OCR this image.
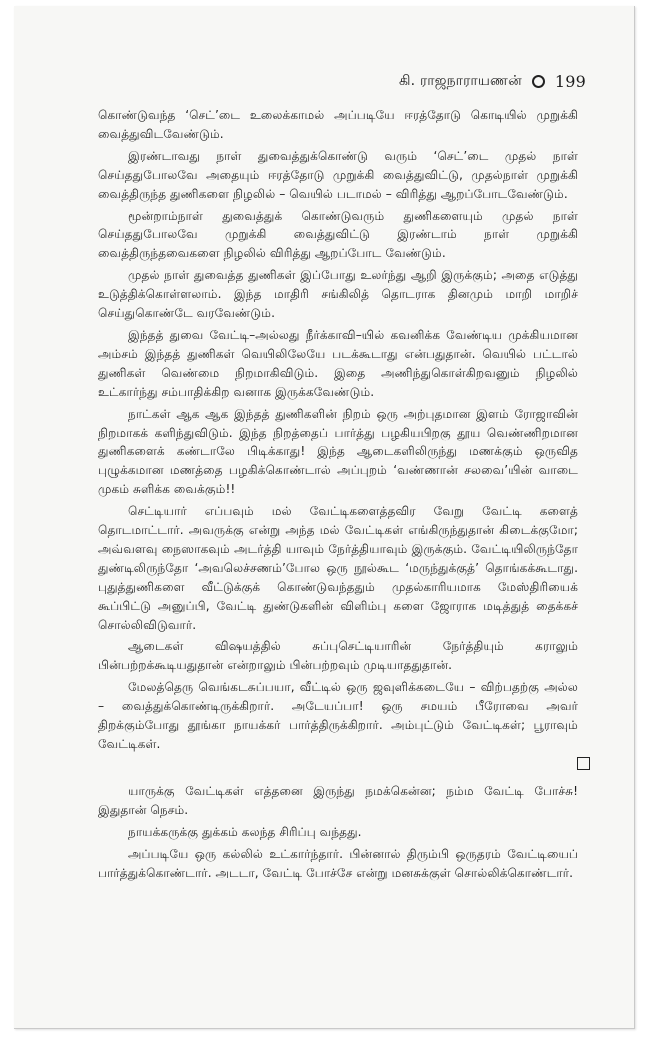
கி. ராஜநாராயணன் 199

கொண்டுவந்த ‘செட்’டை உலைக்காமல் அப்படியே ஈரத்தோடு கொடியில் முறுக்கி வைத்துவிடவேண்டும்.

இரண்டாவது நாள் துவைத்துக்கொண்டு வரும் ‘செட்’டை முதல் நாள் செய்ததுபோலவே அதையும் ஈரத்தோடு முறுக்கி வைத்துவிட்டு, முதல்நாள் முறுக்கி வைத்திருந்த துணிகளை நிழலில் – வெயில் படாமல் – விரித்து ஆறப்போடவேண்டும்.

மூன்றாம்நாள் துவைத்துக் கொண்டுவரும் துணிகளையும் முதல் நாள் செய்ததுபோலவே முறுக்கி வைத்துவிட்டு இரண்டாம் நாள் முறுக்கி வைத்திருந்தவைகளை நிழலில் விரித்து ஆறப்போட வேண்டும்.

முதல் நாள் துவைத்த துணிகள் இப்போது உலர்ந்து ஆறி இருக்கும்; அதை எடுத்து உடுத்திக்கொள்ளலாம். இந்த மாதிரி சங்கிலித் தொடராக தினமும் மாறி மாறிச் செய்துகொண்டே வரவேண்டும்.

இந்தத் துவை வேட்டி–அல்லது நீர்க்காவி–யில் கவனிக்க வேண்டிய முக்கியமான அம்சம் இந்தத் துணிகள் வெயிலிலேயே படக்கூடாது என்பதுதான். வெயில் பட்டால் துணிகள் வெண்மை நிறமாகிவிடும். இதை அணிந்துகொள்கிறவனும் நிழலில் உட்கார்ந்து சம்பாதிக்கிற வனாக இருக்கவேண்டும்.

நாட்கள் ஆக ஆக இந்தத் துணிகளின் நிறம் ஒரு அற்புதமான இளம் ரோஜாவின் நிறமாகக் களிந்துவிடும். இந்த நிறத்தைப் பார்த்து பழகியபிறகு தூய வெண்ணிறமான துணிகளைக் கண்டாலே பிடிக்காது! இந்த ஆடைகளிலிருந்து மணக்கும் ஒருவித புழுக்கமான மணத்தை பழகிக்கொண்டால் அப்புறம் ‘வண்ணான் சலவை’யின் வாடை முகம் சுளிக்க வைக்கும்!!

செட்டியார் எப்பவும் மல் வேட்டிகளைத்தவிர வேறு வேட்டி களைத் தொடமாட்டார். அவருக்கு என்று அந்த மல் வேட்டிகள் எங்கிருந்துதான் கிடைக்குமோ; அவ்வளவு நைஸாகவும் அடர்த்தி யாவும் நேர்த்தியாவும் இருக்கும். வேட்டியிலிருந்தோ துண்டிலிருந்தோ ‘அவலெச்சணம்’போல ஒரு நூல்கூட ‘மருந்துக்குத்’ தொங்கக்கூடாது. புதுத்துணிகளை வீட்டுக்குக் கொண்டுவந்ததும் முதல்காரியமாக மேஸ்திரியைக் கூப்பிட்டு அனுப்பி, வேட்டி துண்டுகளின் விளிம்பு களை ஜோராக மடித்துத் தைக்கச் சொல்லிவிடுவார்.

ஆடைகள் விஷயத்தில் சுப்புசெட்டியாரின் நேர்த்தியும் கராலும் பின்பற்றக்கூடியதுதான் என்றாலும் பின்பற்றவும் முடியாததுதான்.

மேலத்தெரு வெங்கடசுப்பயா, வீட்டில் ஒரு ஜவுளிக்கடையே – விற்பதற்கு அல்ல – வைத்துக்கொண்டிருக்கிறார். அடேயப்பா! ஒரு சமயம் பீரோவை அவர் திறக்கும்போது தூங்கா நாயக்கர் பார்த்திருக்கிறார். அம்புட்டும் வேட்டிகள்; பூராவும் வேட்டிகள்.

யாருக்கு வேட்டிகள் எத்தனை இருந்து நமக்கென்ன; நம்ம வேட்டி போச்சு! இதுதான் நெசம்.

நாயக்கருக்கு துக்கம் கலந்த சிரிப்பு வந்தது.

அப்படியே ஒரு கல்லில் உட்கார்ந்தார். பின்னால் திரும்பி ஒருதரம் வேட்டியைப் பார்த்துக்கொண்டார். அடடா, வேட்டி போச்சே என்று மனசுக்குள் சொல்லிக்கொண்டார்.
